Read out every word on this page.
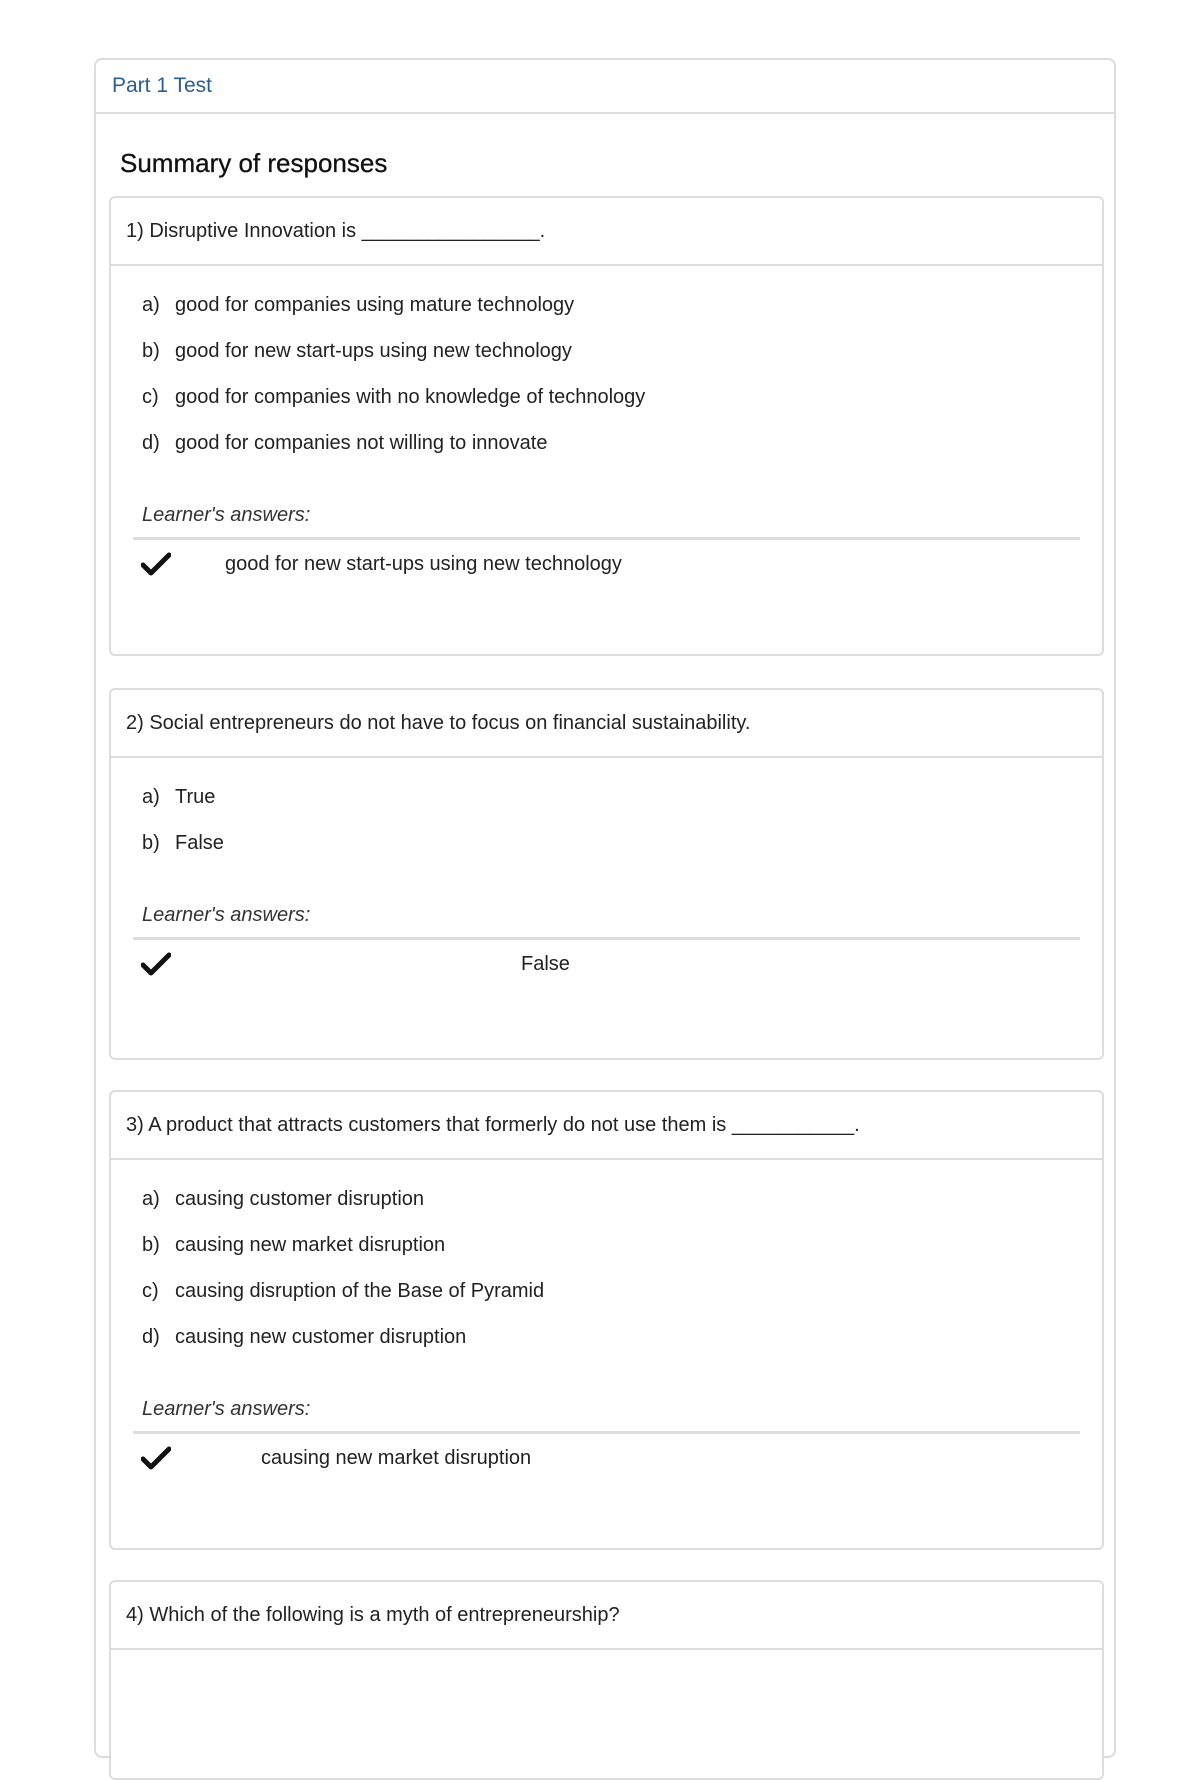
Part 1 Test
Summary of responses
1) Disruptive Innovation is ________________.
a) good for companies using mature technology
b) good for new start-ups using new technology
c) good for companies with no knowledge of technology
d) good for companies not willing to innovate
Learner's answers:
good for new start-ups using new technology
2) Social entrepreneurs do not have to focus on financial sustainability.
a) True
b) False
Learner's answers:
False
3) A product that attracts customers that formerly do not use them is ___________.
a) causing customer disruption
b) causing new market disruption
c) causing disruption of the Base of Pyramid
d) causing new customer disruption
Learner's answers:
causing new market disruption
4) Which of the following is a myth of entrepreneurship?
